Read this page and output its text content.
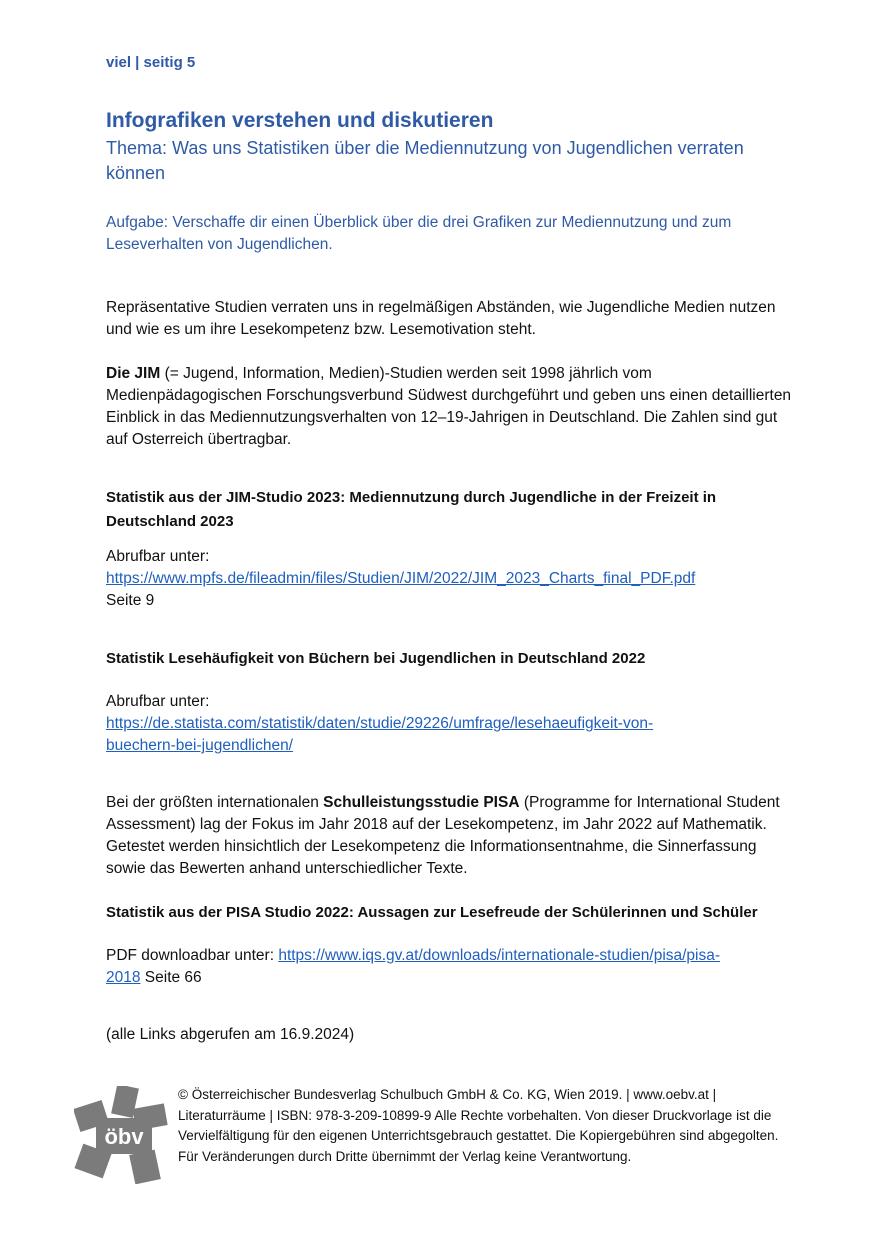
viel | seitig 5
Infografiken verstehen und diskutieren
Thema: Was uns Statistiken über die Mediennutzung von Jugendlichen verraten können
Aufgabe: Verschaffe dir einen Überblick über die drei Grafiken zur Mediennutzung und zum Leseverhalten von Jugendlichen.
Repräsentative Studien verraten uns in regelmäßigen Abständen, wie Jugendliche Medien nutzen und wie es um ihre Lesekompetenz bzw. Lesemotivation steht.
Die JIM (= Jugend, Information, Medien)-Studien werden seit 1998 jährlich vom Medienpädagogischen Forschungsverbund Südwest durchgeführt und geben uns einen detaillierten Einblick in das Mediennutzungsverhalten von 12–19-Jahrigen in Deutschland. Die Zahlen sind gut auf Osterreich übertragbar.
Statistik aus der JIM-Studio 2023: Mediennutzung durch Jugendliche in der Freizeit in Deutschland 2023
Abrufbar unter:
https://www.mpfs.de/fileadmin/files/Studien/JIM/2022/JIM_2023_Charts_final_PDF.pdf
Seite 9
Statistik Lesehäufigkeit von Büchern bei Jugendlichen in Deutschland 2022
Abrufbar unter:
https://de.statista.com/statistik/daten/studie/29226/umfrage/lesehaeufigkeit-von-
buechern-bei-jugendlichen/
Bei der größten internationalen Schulleistungsstudie PISA (Programme for International Student Assessment) lag der Fokus im Jahr 2018 auf der Lesekompetenz, im Jahr 2022 auf Mathematik. Getestet werden hinsichtlich der Lesekompetenz die Informationsentnahme, die Sinnerfassung sowie das Bewerten anhand unterschiedlicher Texte.
Statistik aus der PISA Studio 2022: Aussagen zur Lesefreude der Schülerinnen und Schüler
PDF downloadbar unter: https://www.iqs.gv.at/downloads/internationale-studien/pisa/pisa-
2018 Seite 66
(alle Links abgerufen am 16.9.2024)
öbv
© Österreichischer Bundesverlag Schulbuch GmbH & Co. KG, Wien 2019. | www.oebv.at | Literaturräume | ISBN: 978-3-209-10899-9 Alle Rechte vorbehalten. Von dieser Druckvorlage ist die Vervielfältigung für den eigenen Unterrichtsgebrauch gestattet. Die Kopiergebühren sind abgegolten. Für Veränderungen durch Dritte übernimmt der Verlag keine Verantwortung.
